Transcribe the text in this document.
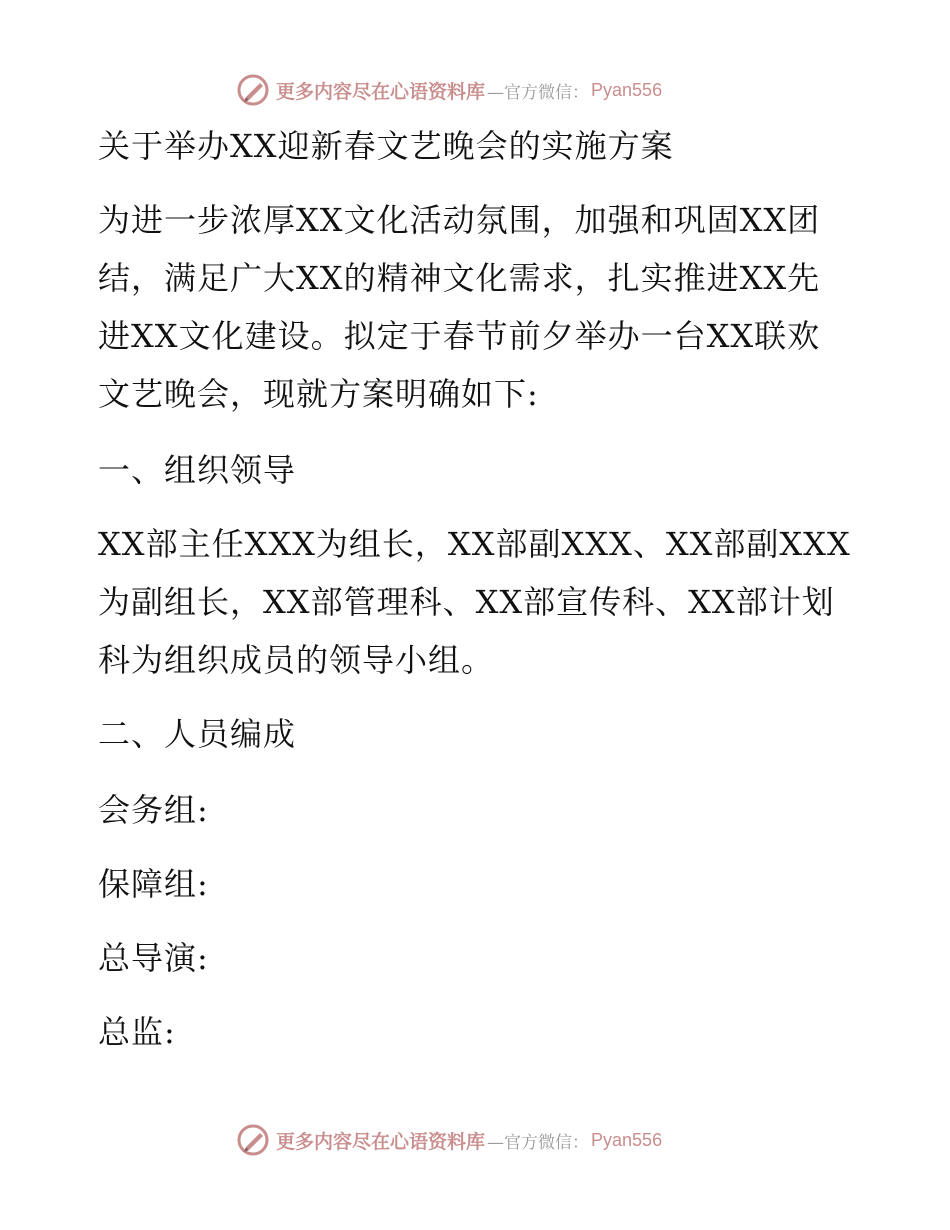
更多内容尽在心语资料库 —官方微信： Pyan556
关于举办XX迎新春文艺晚会的实施方案
为进一步浓厚XX文化活动氛围，加强和巩固XX团
结，满足广大XX的精神文化需求，扎实推进XX先
进XX文化建设。拟定于春节前夕举办一台XX联欢
文艺晚会，现就方案明确如下:
一、组织领导
XX部主任XXX为组长，XX部副XXX、XX部副XXX
为副组长，XX部管理科、XX部宣传科、XX部计划
科为组织成员的领导小组。
二、人员编成
会务组:
保障组:
总导演:
总监:
更多内容尽在心语资料库 —官方微信： Pyan556
